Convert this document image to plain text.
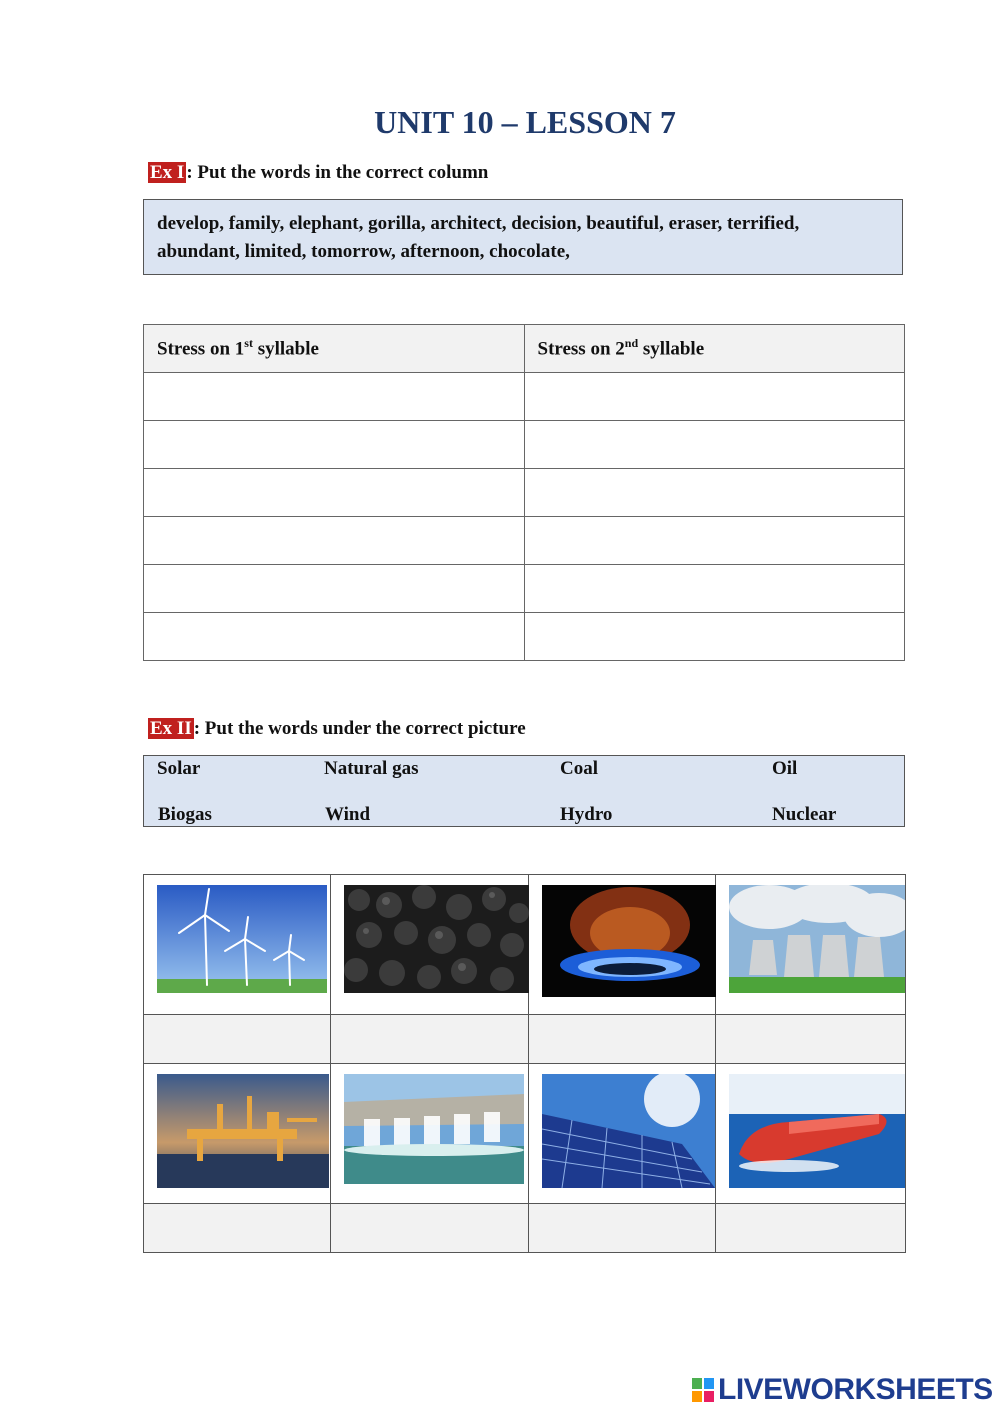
UNIT 10 – LESSON 7
Ex I : Put the words in the correct column
develop, family, elephant, gorilla, architect, decision, beautiful, eraser, terrified,
abundant, limited, tomorrow, afternoon, chocolate,
Stress on 1st syllable	Stress on 2nd syllable

Ex II : Put the words under the correct picture
Solar	Natural gas	Coal	Oil
Biogas	Wind	Hydro	Nuclear

LIVEWORKSHEETS
